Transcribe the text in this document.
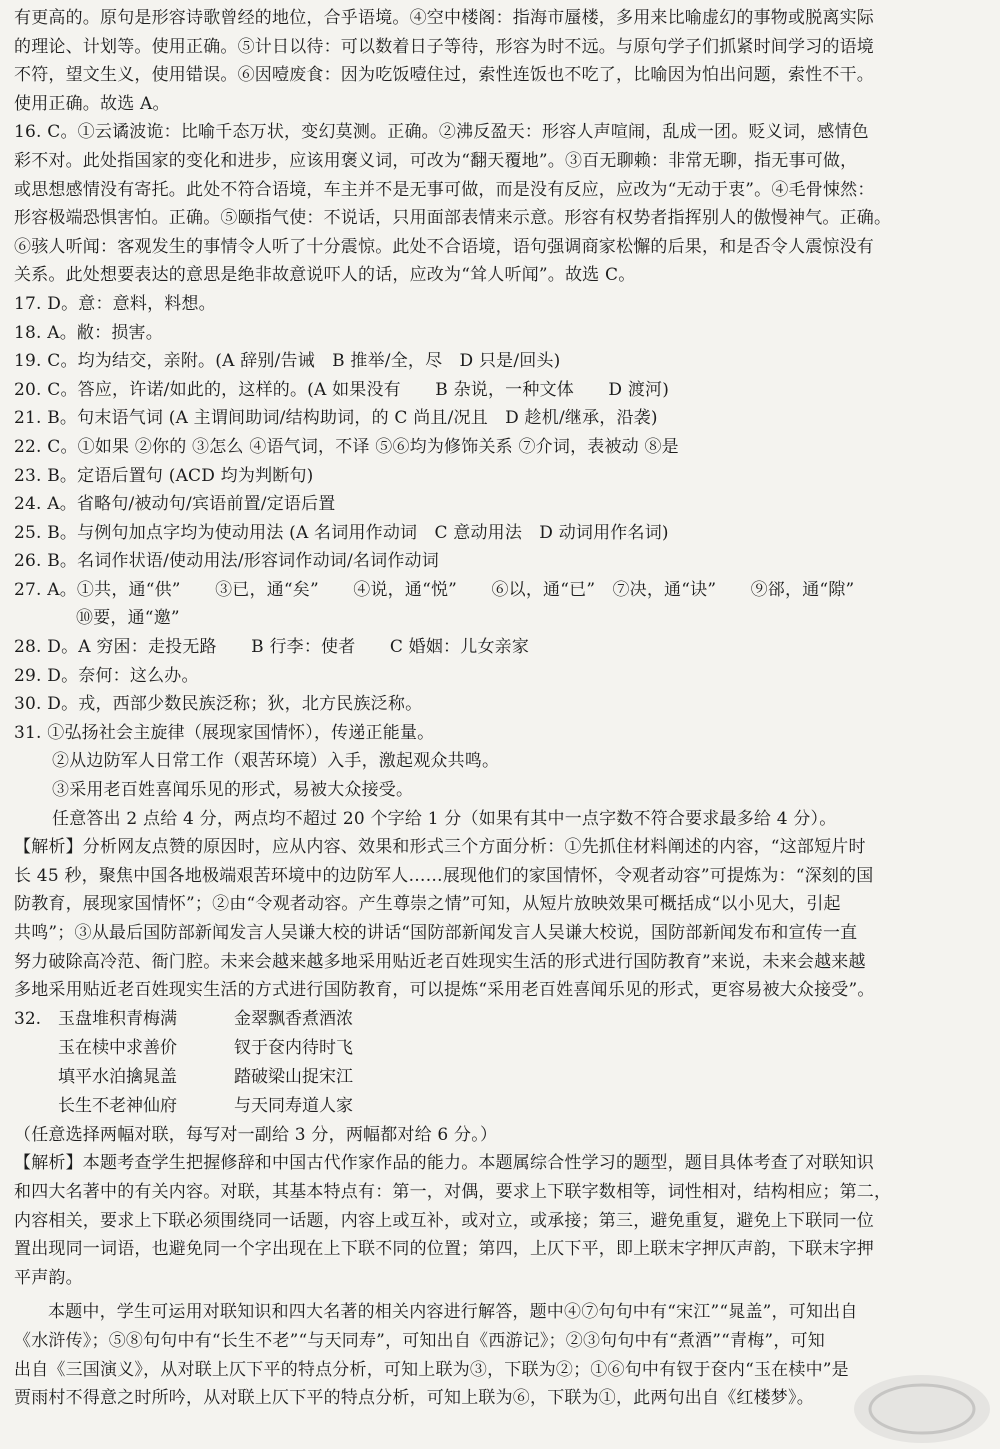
有更高的。原句是形容诗歌曾经的地位，合乎语境。④空中楼阁：指海市蜃楼，多用来比喻虚幻的事物或脱离实际
的理论、计划等。使用正确。⑤计日以待：可以数着日子等待，形容为时不远。与原句学子们抓紧时间学习的语境
不符，望文生义，使用错误。⑥因噎废食：因为吃饭噎住过，索性连饭也不吃了，比喻因为怕出问题，索性不干。
使用正确。故选 A。
16. C。①云谲波诡：比喻千态万状，变幻莫测。正确。②沸反盈天：形容人声喧闹，乱成一团。贬义词，感情色
彩不对。此处指国家的变化和进步，应该用褒义词，可改为“翻天覆地”。③百无聊赖：非常无聊，指无事可做，
或思想感情没有寄托。此处不符合语境，车主并不是无事可做，而是没有反应，应改为“无动于衷”。④毛骨悚然：
形容极端恐惧害怕。正确。⑤颐指气使：不说话，只用面部表情来示意。形容有权势者指挥别人的傲慢神气。正确。
⑥骇人听闻：客观发生的事情令人听了十分震惊。此处不合语境，语句强调商家松懈的后果，和是否令人震惊没有
关系。此处想要表达的意思是绝非故意说吓人的话，应改为“耸人听闻”。故选 C。
17. D。意：意料，料想。
18. A。敝：损害。
19. C。均为结交，亲附。(A 辞别/告诫　B 推举/全，尽　D 只是/回头)
20. C。答应，许诺/如此的，这样的。(A 如果没有　　B 杂说，一种文体　　D 渡河)
21. B。句末语气词 (A 主谓间助词/结构助词，的 C 尚且/况且　D 趁机/继承，沿袭)
22. C。①如果 ②你的 ③怎么 ④语气词，不译 ⑤⑥均为修饰关系 ⑦介词，表被动 ⑧是
23. B。定语后置句 (ACD 均为判断句)
24. A。省略句/被动句/宾语前置/定语后置
25. B。与例句加点字均为使动用法 (A 名词用作动词　C 意动用法　D 动词用作名词)
26. B。名词作状语/使动用法/形容词作动词/名词作动词
27. A。①共，通“供”　　③已，通“矣”　　④说，通“悦”　　⑥以，通“已”　⑦决，通“诀”　　⑨郤，通“隙”
⑩要，通“邀”
28. D。A 穷困：走投无路　　B 行李：使者　　C 婚姻：儿女亲家
29. D。奈何：这么办。
30. D。戎，西部少数民族泛称；狄，北方民族泛称。
31. ①弘扬社会主旋律（展现家国情怀），传递正能量。
②从边防军人日常工作（艰苦环境）入手，激起观众共鸣。
③采用老百姓喜闻乐见的形式，易被大众接受。
任意答出 2 点给 4 分，两点均不超过 20 个字给 1 分（如果有其中一点字数不符合要求最多给 4 分）。
【解析】分析网友点赞的原因时，应从内容、效果和形式三个方面分析：①先抓住材料阐述的内容，“这部短片时
长 45 秒，聚焦中国各地极端艰苦环境中的边防军人……展现他们的家国情怀，令观者动容”可提炼为：“深刻的国
防教育，展现家国情怀”；②由“令观者动容。产生尊崇之情”可知，从短片放映效果可概括成“以小见大，引起
共鸣”；③从最后国防部新闻发言人吴谦大校的讲话“国防部新闻发言人吴谦大校说，国防部新闻发布和宣传一直
努力破除高冷范、衙门腔。未来会越来越多地采用贴近老百姓现实生活的形式进行国防教育”来说，未来会越来越
多地采用贴近老百姓现实生活的方式进行国防教育，可以提炼“采用老百姓喜闻乐见的形式，更容易被大众接受”。
32. 玉盘堆积青梅满	金翠飘香煮酒浓
玉在椟中求善价	钗于奁内待时飞
填平水泊擒晁盖	踏破梁山捉宋江
长生不老神仙府	与天同寿道人家
（任意选择两幅对联，每写对一副给 3 分，两幅都对给 6 分。）
【解析】本题考查学生把握修辞和中国古代作家作品的能力。本题属综合性学习的题型，题目具体考查了对联知识
和四大名著中的有关内容。对联，其基本特点有：第一，对偶，要求上下联字数相等，词性相对，结构相应；第二，
内容相关，要求上下联必须围绕同一话题，内容上或互补，或对立，或承接；第三，避免重复，避免上下联同一位
置出现同一词语，也避免同一个字出现在上下联不同的位置；第四，上仄下平，即上联末字押仄声韵，下联末字押
平声韵。
本题中，学生可运用对联知识和四大名著的相关内容进行解答，题中④⑦句句中有“宋江”“晁盖”，可知出自
《水浒传》；⑤⑧句句中有“长生不老”“与天同寿”，可知出自《西游记》；②③句句中有“煮酒”“青梅”，可知
出自《三国演义》，从对联上仄下平的特点分析，可知上联为③，下联为②；①⑥句中有钗于奁内“玉在椟中”是
贾雨村不得意之时所吟，从对联上仄下平的特点分析，可知上联为⑥，下联为①，此两句出自《红楼梦》。
